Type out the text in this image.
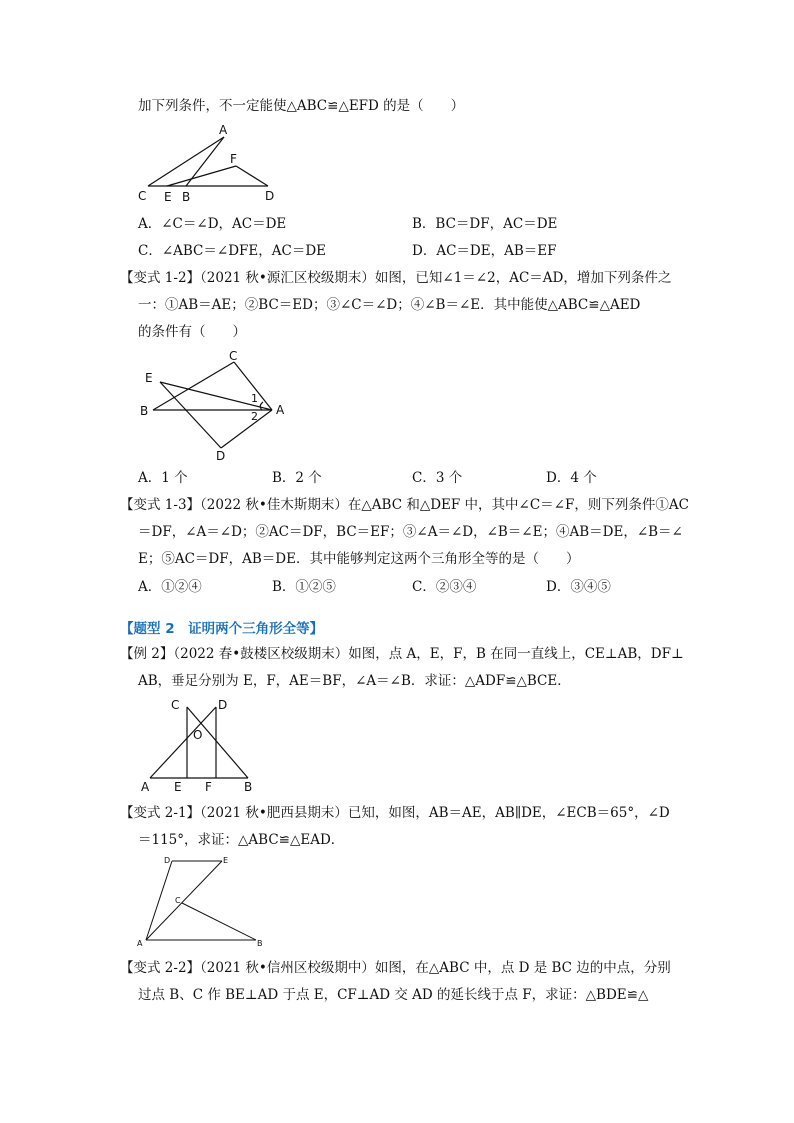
加下列条件，不一定能使△ABC≌△EFD 的是（　　）
A
F
C E B	D
A．∠C＝∠D，AC＝DE	B．BC＝DF，AC＝DE
C．∠ABC＝∠DFE，AC＝DE	D．AC＝DE，AB＝EF
【变式 1-2】（2021 秋•源汇区校级期末）如图，已知∠1＝∠2，AC＝AD，增加下列条件之
一：①AB＝AE；②BC＝ED；③∠C＝∠D；④∠B＝∠E．其中能使△ABC≌△AED
的条件有（　　）
C
E
B
1
2 A
D
A．1 个	B．2 个	C．3 个	D．4 个
【变式 1-3】（2022 秋•佳木斯期末）在△ABC 和△DEF 中，其中∠C＝∠F，则下列条件①AC
＝DF，∠A＝∠D；②AC＝DF，BC＝EF；③∠A＝∠D，∠B＝∠E；④AB＝DE，∠B＝∠
E；⑤AC＝DF，AB＝DE．其中能够判定这两个三角形全等的是（　　）
A．①②④	B．①②⑤	C．②③④	D．③④⑤
【题型 2　证明两个三角形全等】
【例 2】（2022 春•鼓楼区校级期末）如图，点 A，E，F，B 在同一直线上，CE⊥AB，DF⊥
AB，垂足分别为 E，F，AE＝BF，∠A＝∠B．求证：△ADF≌△BCE．
C	D
O
A E F	B
【变式 2-1】（2021 秋•肥西县期末）已知，如图，AB＝AE，AB∥DE，∠ECB＝65°，∠D
＝115°，求证：△ABC≌△EAD．
D	E
C
A	B
【变式 2-2】（2021 秋•信州区校级期中）如图，在△ABC 中，点 D 是 BC 边的中点，分别
过点 B、C 作 BE⊥AD 于点 E，CF⊥AD 交 AD 的延长线于点 F，求证：△BDE≌△
